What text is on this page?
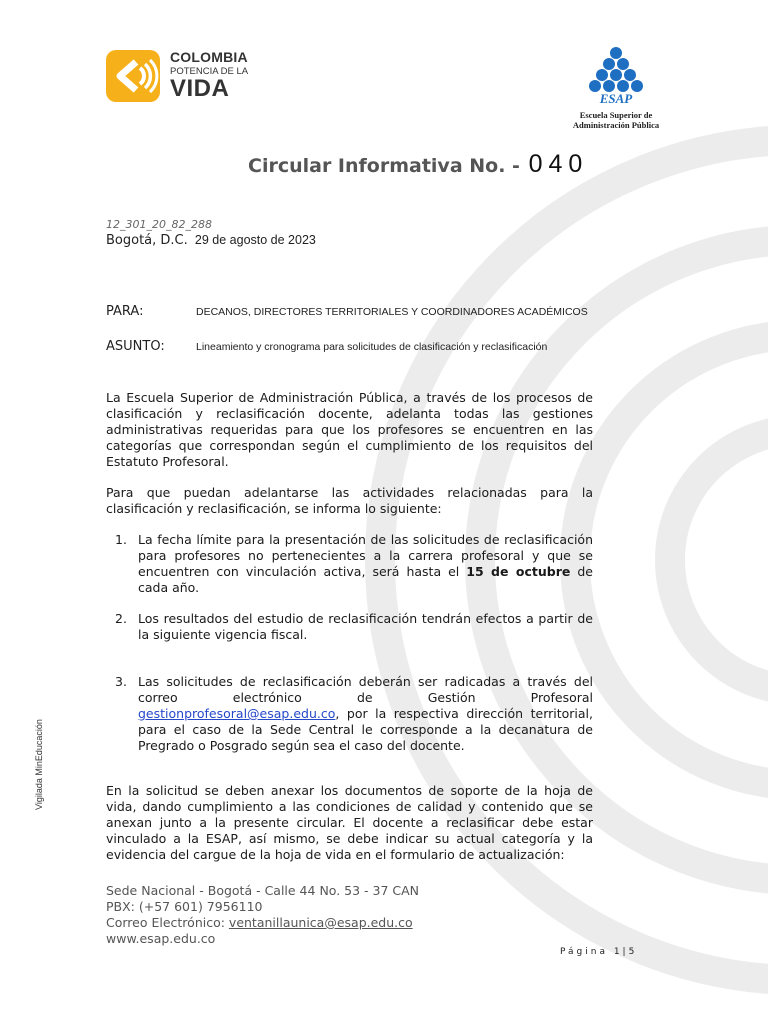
COLOMBIA
POTENCIA DE LA
VIDA	ESAP
Escuela Superior de
Administración Pública
Circular Informativa No. - 040
12_301_20_82_288
Bogotá, D.C. 29 de agosto de 2023
PARA:	DECANOS, DIRECTORES TERRITORIALES Y COORDINADORES ACADÉMICOS
ASUNTO:	Lineamiento y cronograma para solicitudes de clasificación y reclasificación
La Escuela Superior de Administración Pública, a través de los procesos de clasificación y reclasificación docente, adelanta todas las gestiones administrativas requeridas para que los profesores se encuentren en las categorías que correspondan según el cumplimiento de los requisitos del Estatuto Profesoral.
Para que puedan adelantarse las actividades relacionadas para la clasificación y reclasificación, se informa lo siguiente:
1. La fecha límite para la presentación de las solicitudes de reclasificación para profesores no pertenecientes a la carrera profesoral y que se encuentren con vinculación activa, será hasta el 15 de octubre de cada año.
2. Los resultados del estudio de reclasificación tendrán efectos a partir de la siguiente vigencia fiscal.
3. Las solicitudes de reclasificación deberán ser radicadas a través del correo electrónico de Gestión Profesoral gestionprofesoral@esap.edu.co, por la respectiva dirección territorial, para el caso de la Sede Central le corresponde a la decanatura de Pregrado o Posgrado según sea el caso del docente.
En la solicitud se deben anexar los documentos de soporte de la hoja de vida, dando cumplimiento a las condiciones de calidad y contenido que se anexan junto a la presente circular. El docente a reclasificar debe estar vinculado a la ESAP, así mismo, se debe indicar su actual categoría y la evidencia del cargue de la hoja de vida en el formulario de actualización:
Sede Nacional - Bogotá - Calle 44 No. 53 - 37 CAN
PBX: (+57 601) 7956110
Correo Electrónico: ventanillaunica@esap.edu.co
www.esap.edu.co
Página 1|5
Vigilada MinEducación
